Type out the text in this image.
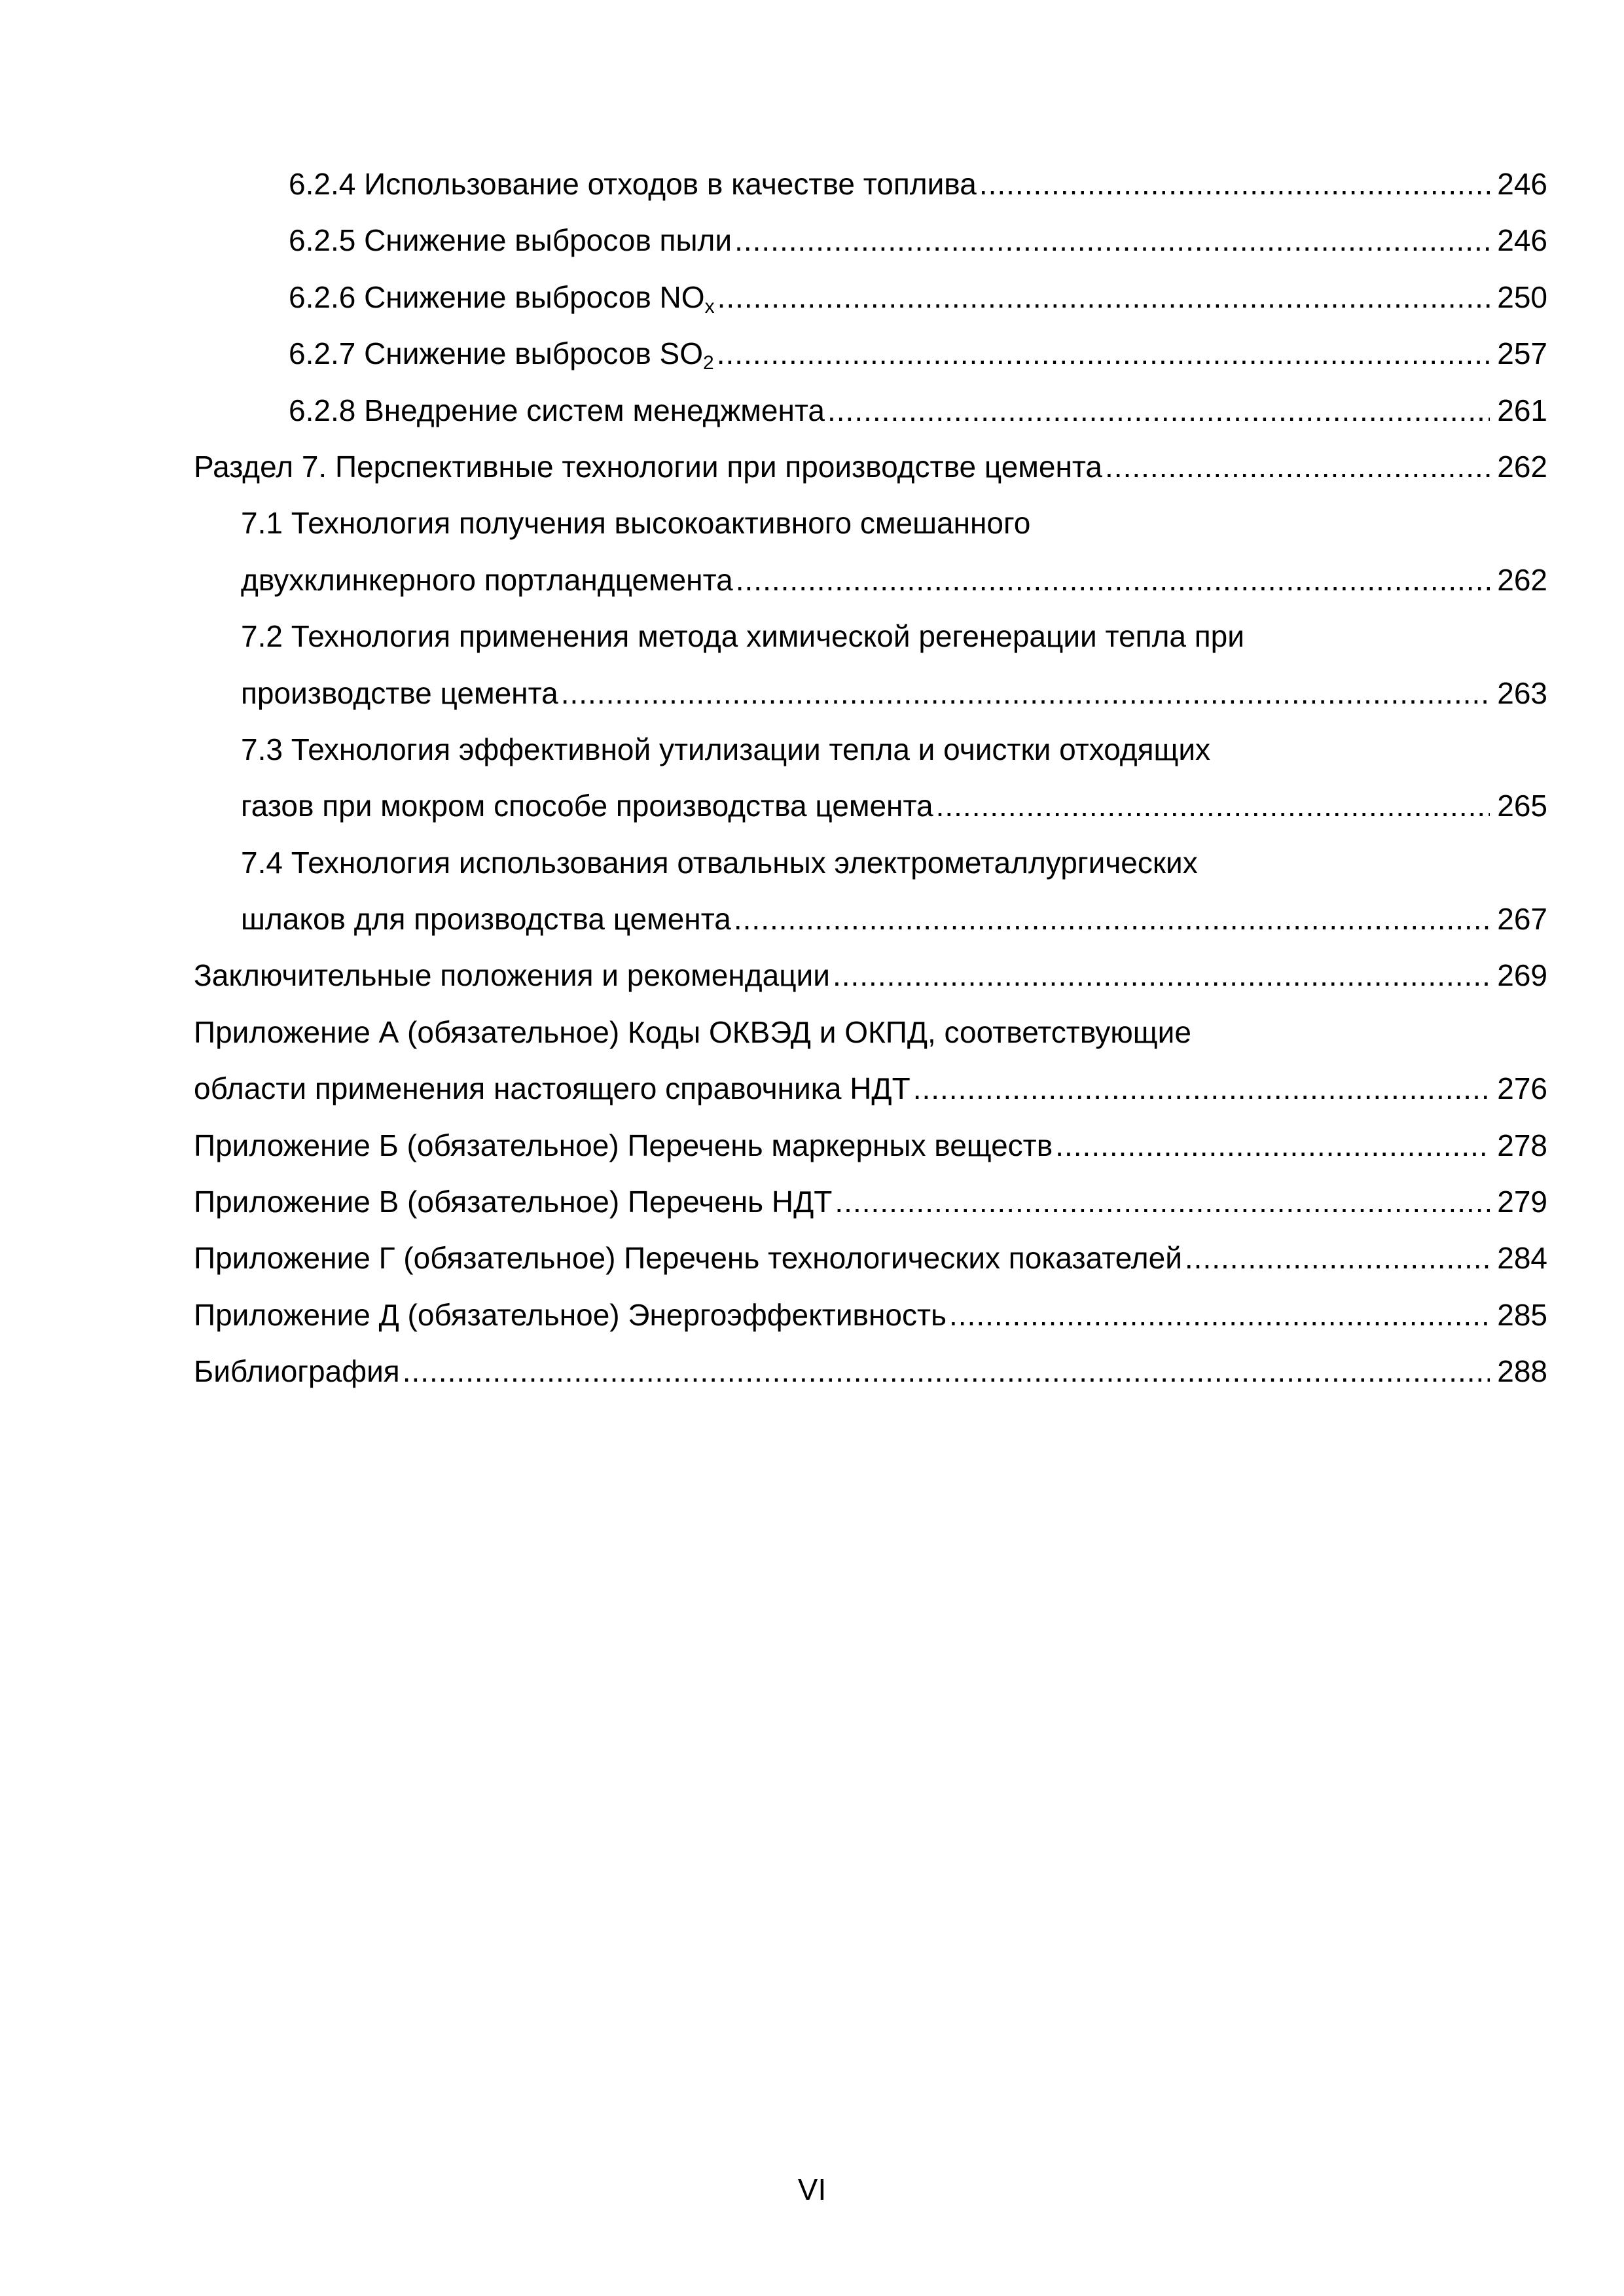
6.2.4 Использование отходов в качестве топлива .....	246
6.2.5 Снижение выбросов пыли .....	246
6.2.6 Снижение выбросов $NO_x$ .....	250
6.2.7 Снижение выбросов $SO_2$ .....	257
6.2.8 Внедрение систем менеджмента .....	261
Раздел 7. Перспективные технологии при производстве цемента .....	262
7.1 Технология получения высокоактивного смешанного
двухклинкерного портландцемента .....	262
7.2 Технология применения метода химической регенерации тепла при
производстве цемента .....	263
7.3 Технология эффективной утилизации тепла и очистки отходящих
газов при мокром способе производства цемента .....	265
7.4 Технология использования отвальных электрометаллургических
шлаков для производства цемента .....	267
Заключительные положения и рекомендации .....	269
Приложение А (обязательное) Коды ОКВЭД и ОКПД, соответствующие
области применения настоящего справочника НДТ .....	276
Приложение Б (обязательное) Перечень маркерных веществ .....	278
Приложение В (обязательное) Перечень НДТ .....	279
Приложение Г (обязательное) Перечень технологических показателей .....	284
Приложение Д (обязательное) Энергоэффективность .....	285
Библиография .....	288
VI
